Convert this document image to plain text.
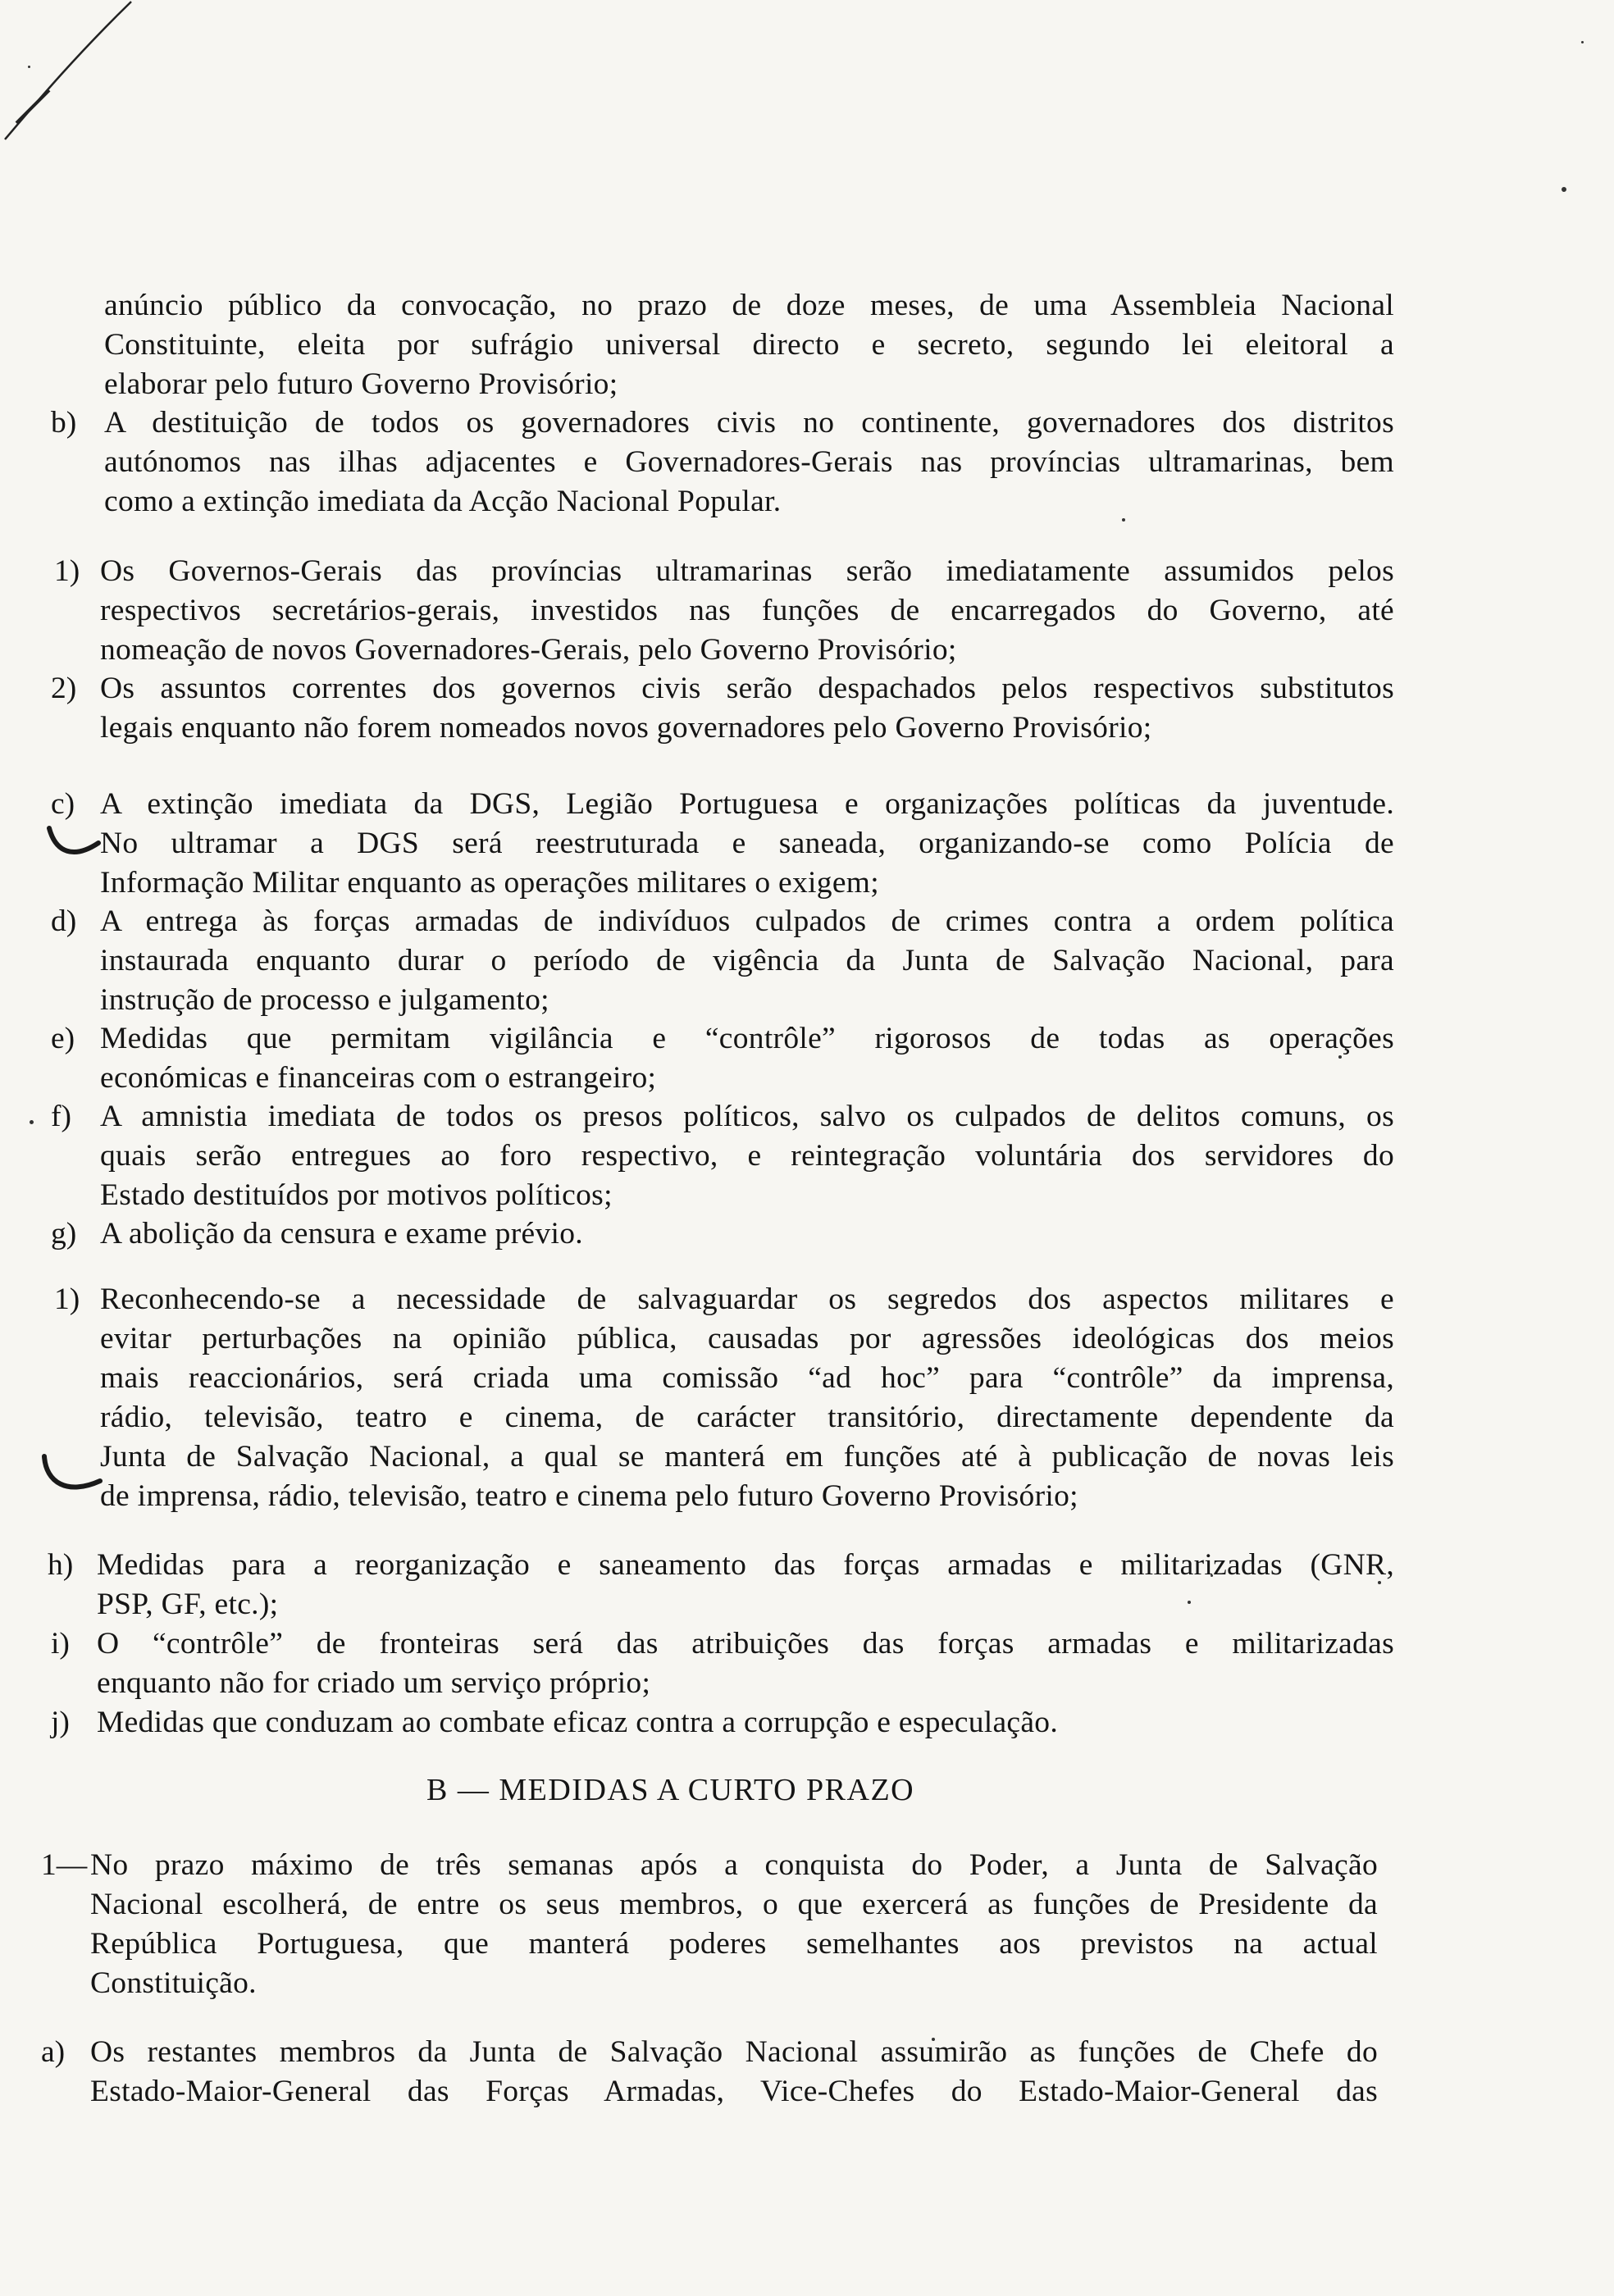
anúncio público da convocação, no prazo de doze meses, de uma Assembleia Nacional
Constituinte, eleita por sufrágio universal directo e secreto, segundo lei eleitoral a
elaborar pelo futuro Governo Provisório;
b) A destituição de todos os governadores civis no continente, governadores dos distritos
autónomos nas ilhas adjacentes e Governadores-Gerais nas províncias ultramarinas, bem
como a extinção imediata da Acção Nacional Popular.
1) Os Governos-Gerais das províncias ultramarinas serão imediatamente assumidos pelos
respectivos secretários-gerais, investidos nas funções de encarregados do Governo, até
nomeação de novos Governadores-Gerais, pelo Governo Provisório;
2) Os assuntos correntes dos governos civis serão despachados pelos respectivos substitutos
legais enquanto não forem nomeados novos governadores pelo Governo Provisório;
c) A extinção imediata da DGS, Legião Portuguesa e organizações políticas da juventude.
No ultramar a DGS será reestruturada e saneada, organizando-se como Polícia de
Informação Militar enquanto as operações militares o exigem;
d) A entrega às forças armadas de indivíduos culpados de crimes contra a ordem política
instaurada enquanto durar o período de vigência da Junta de Salvação Nacional, para
instrução de processo e julgamento;
e) Medidas que permitam vigilância e “contrôle” rigorosos de todas as operações
económicas e financeiras com o estrangeiro;
f) A amnistia imediata de todos os presos políticos, salvo os culpados de delitos comuns, os
quais serão entregues ao foro respectivo, e reintegração voluntária dos servidores do
Estado destituídos por motivos políticos;
g) A abolição da censura e exame prévio.
1) Reconhecendo-se a necessidade de salvaguardar os segredos dos aspectos militares e
evitar perturbações na opinião pública, causadas por agressões ideológicas dos meios
mais reaccionários, será criada uma comissão “ad hoc” para “contrôle” da imprensa,
rádio, televisão, teatro e cinema, de carácter transitório, directamente dependente da
Junta de Salvação Nacional, a qual se manterá em funções até à publicação de novas leis
de imprensa, rádio, televisão, teatro e cinema pelo futuro Governo Provisório;
h) Medidas para a reorganização e saneamento das forças armadas e militarizadas (GNR,
PSP, GF, etc.);
i) O “contrôle” de fronteiras será das atribuições das forças armadas e militarizadas
enquanto não for criado um serviço próprio;
j) Medidas que conduzam ao combate eficaz contra a corrupção e especulação.
B — MEDIDAS A CURTO PRAZO
1— No prazo máximo de três semanas após a conquista do Poder, a Junta de Salvação
Nacional escolherá, de entre os seus membros, o que exercerá as funções de Presidente da
República Portuguesa, que manterá poderes semelhantes aos previstos na actual
Constituição.
a) Os restantes membros da Junta de Salvação Nacional assumirão as funções de Chefe do
Estado-Maior-General das Forças Armadas, Vice-Chefes do Estado-Maior-General das
